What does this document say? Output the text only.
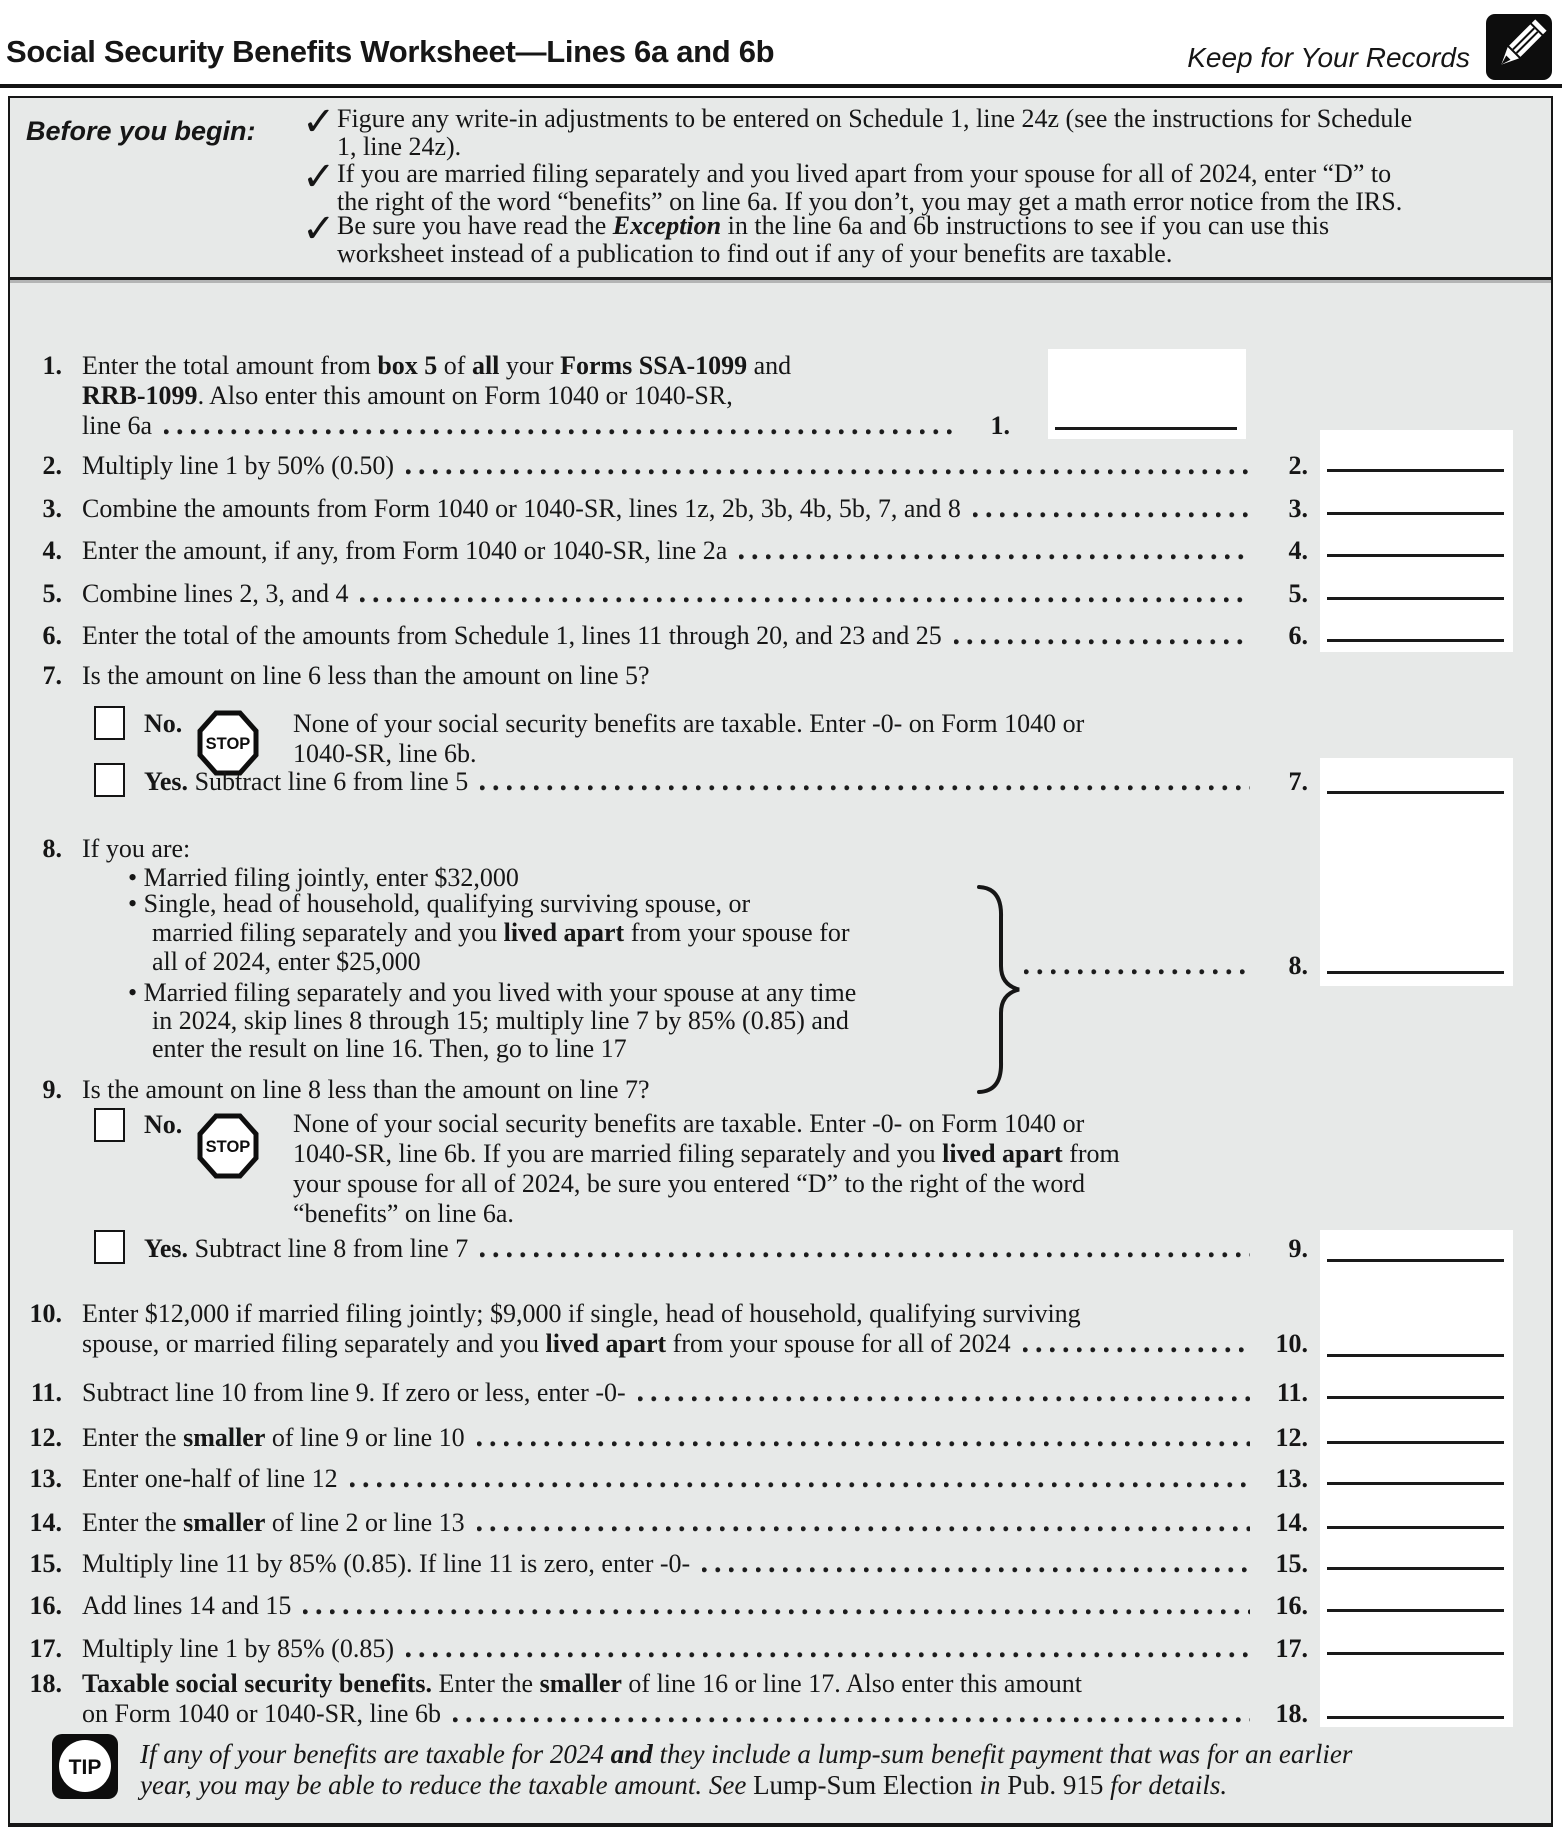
Social Security Benefits Worksheet—Lines 6a and 6b	Keep for Your Records
Before you begin: ✓
✓
✓
Figure any write-in adjustments to be entered on Schedule 1, line 24z (see the instructions for Schedule
1, line 24z).
If you are married filing separately and you lived apart from your spouse for all of 2024, enter “D” to
the right of the word “benefits” on line 6a. If you don’t, you may get a math error notice from the IRS.
Be sure you have read the Exception in the line 6a and 6b instructions to see if you can use this
worksheet instead of a publication to find out if any of your benefits are taxable.
1. Enter the total amount from box 5 of all your Forms SSA-1099 and
RRB-1099. Also enter this amount on Form 1040 or 1040-SR,
line 6a	1.
2. Multiply line 1 by 50% (0.50)	2.
3. Combine the amounts from Form 1040 or 1040-SR, lines 1z, 2b, 3b, 4b, 5b, 7, and 8	3.
4. Enter the amount, if any, from Form 1040 or 1040-SR, line 2a	4.
5. Combine lines 2, 3, and 4	5.
6. Enter the total of the amounts from Schedule 1, lines 11 through 20, and 23 and 25	6.
7. Is the amount on line 6 less than the amount on line 5?
No.
STOP
None of your social security benefits are taxable. Enter -0- on Form 1040 or
1040-SR, line 6b.
Yes. Subtract line 6 from line 5	7.
8. If you are:
• Married filing jointly, enter $32,000
• Single, head of household, qualifying surviving spouse, or
married filing separately and you lived apart from your spouse for
all of 2024, enter $25,000
• Married filing separately and you lived with your spouse at any time
in 2024, skip lines 8 through 15; multiply line 7 by 85% (0.85) and
enter the result on line 16. Then, go to line 17
8.
9. Is the amount on line 8 less than the amount on line 7?
No.
STOP
None of your social security benefits are taxable. Enter -0- on Form 1040 or
1040-SR, line 6b. If you are married filing separately and you lived apart from
your spouse for all of 2024, be sure you entered “D” to the right of the word
“benefits” on line 6a.
Yes. Subtract line 8 from line 7	9.
10. Enter $12,000 if married filing jointly; $9,000 if single, head of household, qualifying surviving
spouse, or married filing separately and you lived apart from your spouse for all of 2024	10.
11. Subtract line 10 from line 9. If zero or less, enter -0-	11.
12. Enter the smaller of line 9 or line 10	12.
13. Enter one-half of line 12	13.
14. Enter the smaller of line 2 or line 13	14.
15. Multiply line 11 by 85% (0.85). If line 11 is zero, enter -0-	15.
16. Add lines 14 and 15	16.
17. Multiply line 1 by 85% (0.85)	17.
18. Taxable social security benefits. Enter the smaller of line 16 or line 17. Also enter this amount
on Form 1040 or 1040-SR, line 6b	18.
TIP If any of your benefits are taxable for 2024 and they include a lump-sum benefit payment that was for an earlier
year, you may be able to reduce the taxable amount. See Lump-Sum Election in Pub. 915 for details.
